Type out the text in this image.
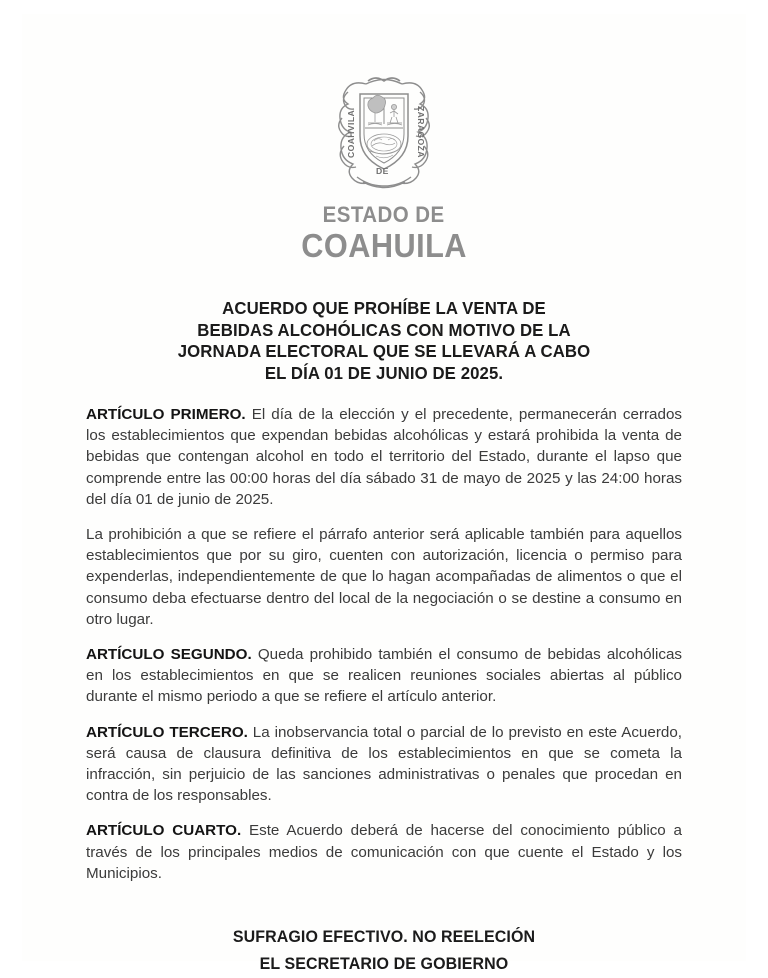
COAHVILA	ZARAGOZA
DE
ESTADO DE
COAHUILA
ACUERDO QUE PROHÍBE LA VENTA DE
BEBIDAS ALCOHÓLICAS CON MOTIVO DE LA
JORNADA ELECTORAL QUE SE LLEVARÁ A CABO
EL DÍA 01 DE JUNIO DE 2025.

ARTÍCULO PRIMERO. El día de la elección y el precedente, permanecerán cerrados los establecimientos que expendan bebidas alcohólicas y estará prohibida la venta de bebidas que contengan alcohol en todo el territorio del Estado, durante el lapso que comprende entre las 00:00 horas del día sábado 31 de mayo de 2025 y las 24:00 horas del día 01 de junio de 2025.

La prohibición a que se refiere el párrafo anterior será aplicable también para aquellos establecimientos que por su giro, cuenten con autorización, licencia o permiso para expenderlas, independientemente de que lo hagan acompañadas de alimentos o que el consumo deba efectuarse dentro del local de la negociación o se destine a consumo en otro lugar.

ARTÍCULO SEGUNDO. Queda prohibido también el consumo de bebidas alcohólicas en los establecimientos en que se realicen reuniones sociales abiertas al público durante el mismo periodo a que se refiere el artículo anterior.

ARTÍCULO TERCERO. La inobservancia total o parcial de lo previsto en este Acuerdo, será causa de clausura definitiva de los establecimientos en que se cometa la infracción, sin perjuicio de las sanciones administrativas o penales que procedan en contra de los responsables.

ARTÍCULO CUARTO. Este Acuerdo deberá de hacerse del conocimiento público a través de los principales medios de comunicación con que cuente el Estado y los Municipios.

SUFRAGIO EFECTIVO. NO REELECIÓN
EL SECRETARIO DE GOBIERNO
